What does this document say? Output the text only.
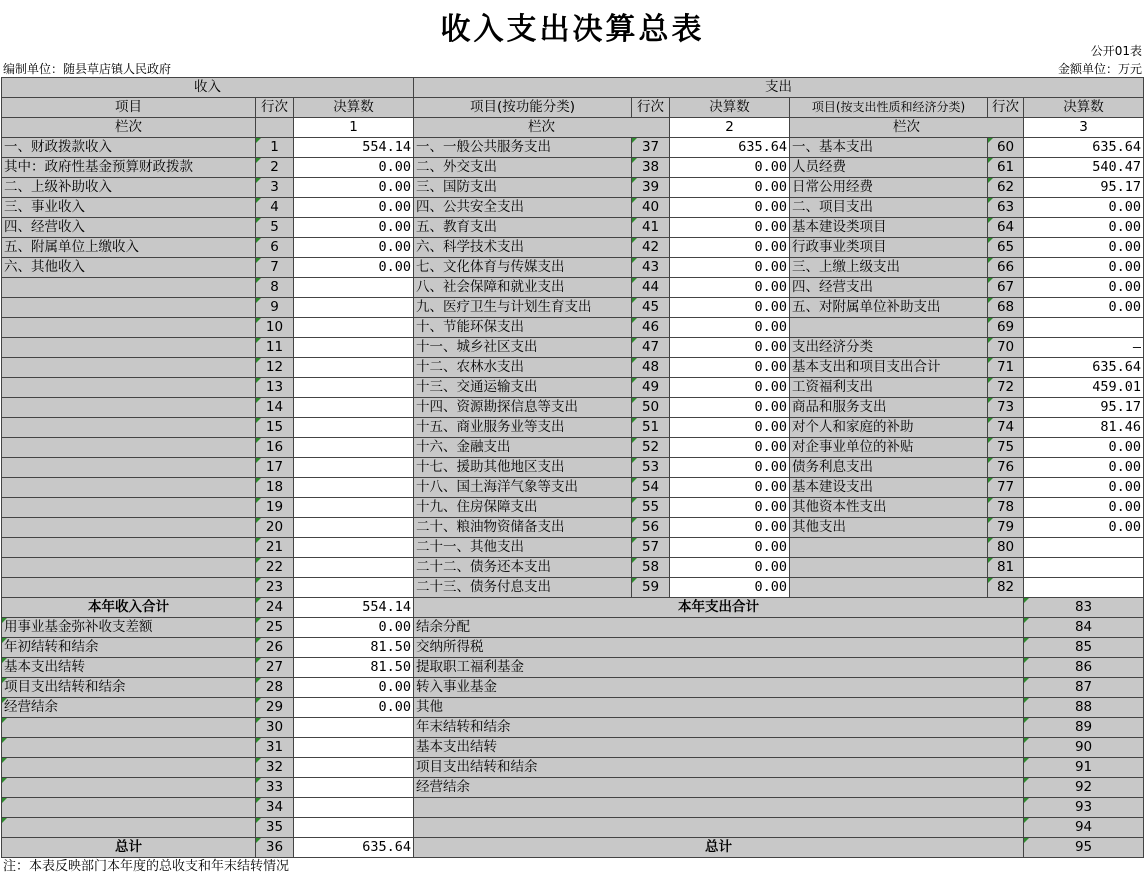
收入支出决算总表
公开01表
编制单位：随县草店镇人民政府	金额单位：万元
收入			支出						
项目	行次	决算数	项目(按功能分类)	行次	决算数	项目(按支出性质和经济分类)	行次	决算数	
栏次		1	栏次		2	栏次		3	
一、财政拨款收入	1	554.14	一、一般公共服务支出	37	635.64	一、基本支出	60	635.64	
其中：政府性基金预算财政拨款	2	0.00	二、外交支出	38	0.00	人员经费	61	540.47	
二、上级补助收入	3	0.00	三、国防支出	39	0.00	日常公用经费	62	95.17	
三、事业收入	4	0.00	四、公共安全支出	40	0.00	二、项目支出	63	0.00	
四、经营收入	5	0.00	五、教育支出	41	0.00	基本建设类项目	64	0.00	
五、附属单位上缴收入	6	0.00	六、科学技术支出	42	0.00	行政事业类项目	65	0.00	
六、其他收入	7	0.00	七、文化体育与传媒支出	43	0.00	三、上缴上级支出	66	0.00	
	8		八、社会保障和就业支出	44	0.00	四、经营支出	67	0.00	
	9		九、医疗卫生与计划生育支出	45	0.00	五、对附属单位补助支出	68	0.00	
	10		十、节能环保支出	46	0.00		69		
	11		十一、城乡社区支出	47	0.00	支出经济分类	70	—	
	12		十二、农林水支出	48	0.00	基本支出和项目支出合计	71	635.64	
	13		十三、交通运输支出	49	0.00	工资福利支出	72	459.01	
	14		十四、资源勘探信息等支出	50	0.00	商品和服务支出	73	95.17	
	15		十五、商业服务业等支出	51	0.00	对个人和家庭的补助	74	81.46	
	16		十六、金融支出	52	0.00	对企事业单位的补贴	75	0.00	
	17		十七、援助其他地区支出	53	0.00	债务利息支出	76	0.00	
	18		十八、国土海洋气象等支出	54	0.00	基本建设支出	77	0.00	
	19		十九、住房保障支出	55	0.00	其他资本性支出	78	0.00	
	20		二十、粮油物资储备支出	56	0.00	其他支出	79	0.00	
	21		二十一、其他支出	57	0.00		80		
	22		二十二、债务还本支出	58	0.00		81		
	23		二十三、债务付息支出	59	0.00		82		
本年收入合计	24	554.14	本年支出合计					83	
用事业基金弥补收支差额	25	0.00	结余分配					84	
年初结转和结余	26	81.50	交纳所得税					85	
基本支出结转	27	81.50	提取职工福利基金					86	
项目支出结转和结余	28	0.00	转入事业基金					87	
经营结余	29	0.00	其他					88	
	30		年末结转和结余					89	
	31		基本支出结转					90	
	32		项目支出结转和结余					91	
	33		经营结余					92	
	34							93	
	35							94	
总计	36	635.64	总计					95	
注：本表反映部门本年度的总收支和年末结转情况
